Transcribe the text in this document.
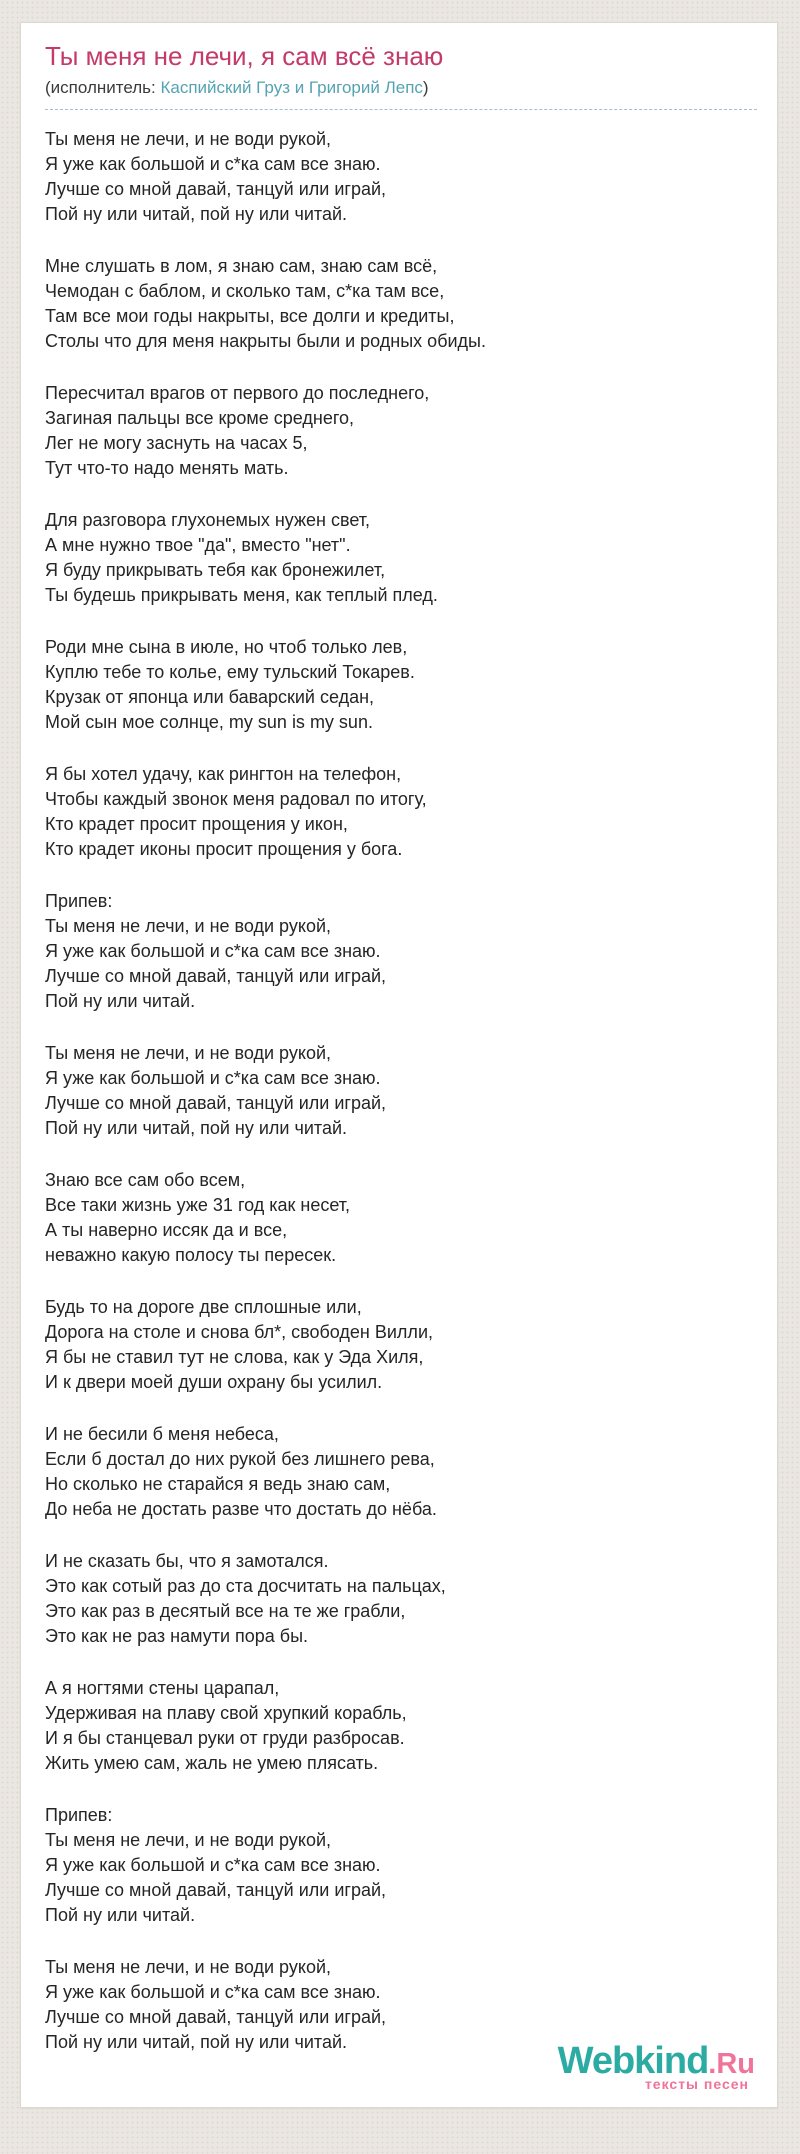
Ты меня не лечи, я сам всё знаю
(исполнитель: Каспийский Груз и Григорий Лепс)

Ты меня не лечи, и не води рукой,
Я уже как большой и с*ка сам все знаю.
Лучше со мной давай, танцуй или играй,
Пой ну или читай, пой ну или читай.

Мне слушать в лом, я знаю сам, знаю сам всё,
Чемодан с баблом, и сколько там, с*ка там все,
Там все мои годы накрыты, все долги и кредиты,
Столы что для меня накрыты были и родных обиды.

Пересчитал врагов от первого до последнего,
Загиная пальцы все кроме среднего,
Лег не могу заснуть на часах 5,
Тут что-то надо менять мать.

Для разговора глухонемых нужен свет,
А мне нужно твое "да", вместо "нет".
Я буду прикрывать тебя как бронежилет,
Ты будешь прикрывать меня, как теплый плед.

Роди мне сына в июле, но чтоб только лев,
Куплю тебе то колье, ему тульский Токарев.
Крузак от японца или баварский седан,
Мой сын мое солнце, my sun is my sun.

Я бы хотел удачу, как рингтон на телефон,
Чтобы каждый звонок меня радовал по итогу,
Кто крадет просит прощения у икон,
Кто крадет иконы просит прощения у бога.

Припев:
Ты меня не лечи, и не води рукой,
Я уже как большой и с*ка сам все знаю.
Лучше со мной давай, танцуй или играй,
Пой ну или читай.

Ты меня не лечи, и не води рукой,
Я уже как большой и с*ка сам все знаю.
Лучше со мной давай, танцуй или играй,
Пой ну или читай, пой ну или читай.

Знаю все сам обо всем,
Все таки жизнь уже 31 год как несет,
А ты наверно иссяк да и все,
неважно какую полосу ты пересек.

Будь то на дороге две сплошные или,
Дорога на столе и снова бл*, свободен Вилли,
Я бы не ставил тут не слова, как у Эда Хиля,
И к двери моей души охрану бы усилил.

И не бесили б меня небеса,
Если б достал до них рукой без лишнего рева,
Но сколько не старайся я ведь знаю сам,
До неба не достать разве что достать до нёба.

И не сказать бы, что я замотался.
Это как сотый раз до ста досчитать на пальцах,
Это как раз в десятый все на те же грабли,
Это как не раз намути пора бы.

А я ногтями стены царапал,
Удерживая на плаву свой хрупкий корабль,
И я бы станцевал руки от груди разбросав.
Жить умею сам, жаль не умею плясать.

Припев:
Ты меня не лечи, и не води рукой,
Я уже как большой и с*ка сам все знаю.
Лучше со мной давай, танцуй или играй,
Пой ну или читай.

Ты меня не лечи, и не води рукой,
Я уже как большой и с*ка сам все знаю.
Лучше со мной давай, танцуй или играй,
Пой ну или читай, пой ну или читай.	Webkind.Ru
тексты песен
